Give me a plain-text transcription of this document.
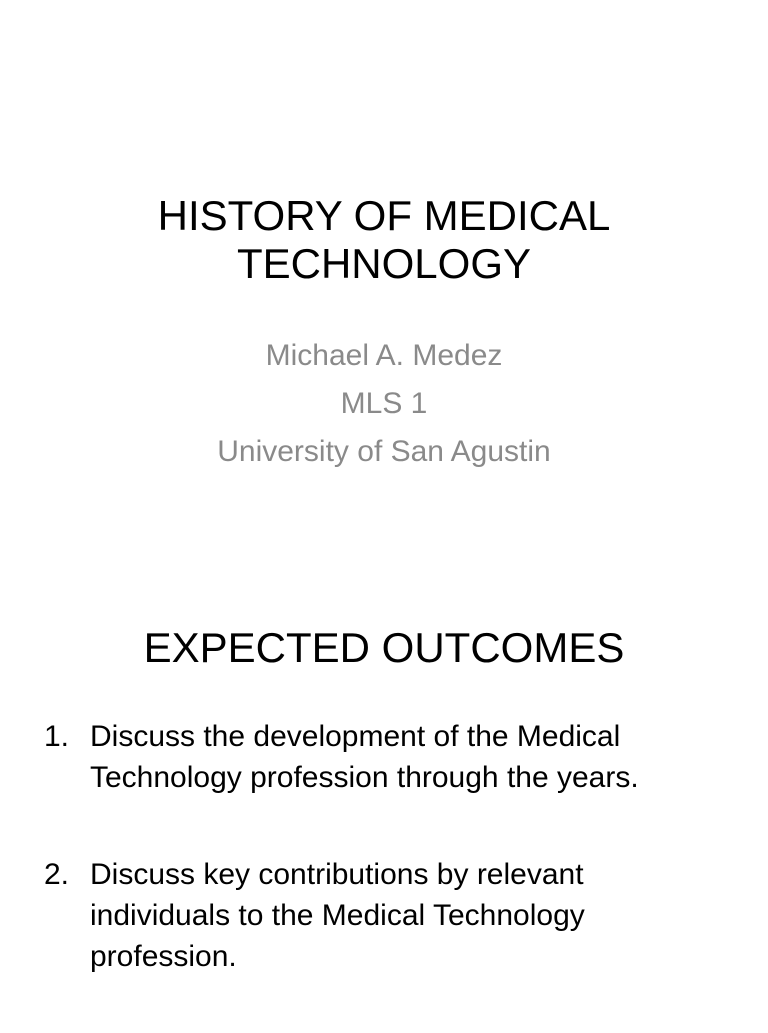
HISTORY OF MEDICAL
TECHNOLOGY
Michael A. Medez
MLS 1
University of San Agustin
EXPECTED OUTCOMES
1. Discuss the development of the Medical
Technology profession through the years.
2. Discuss key contributions by relevant
individuals to the Medical Technology
profession.
